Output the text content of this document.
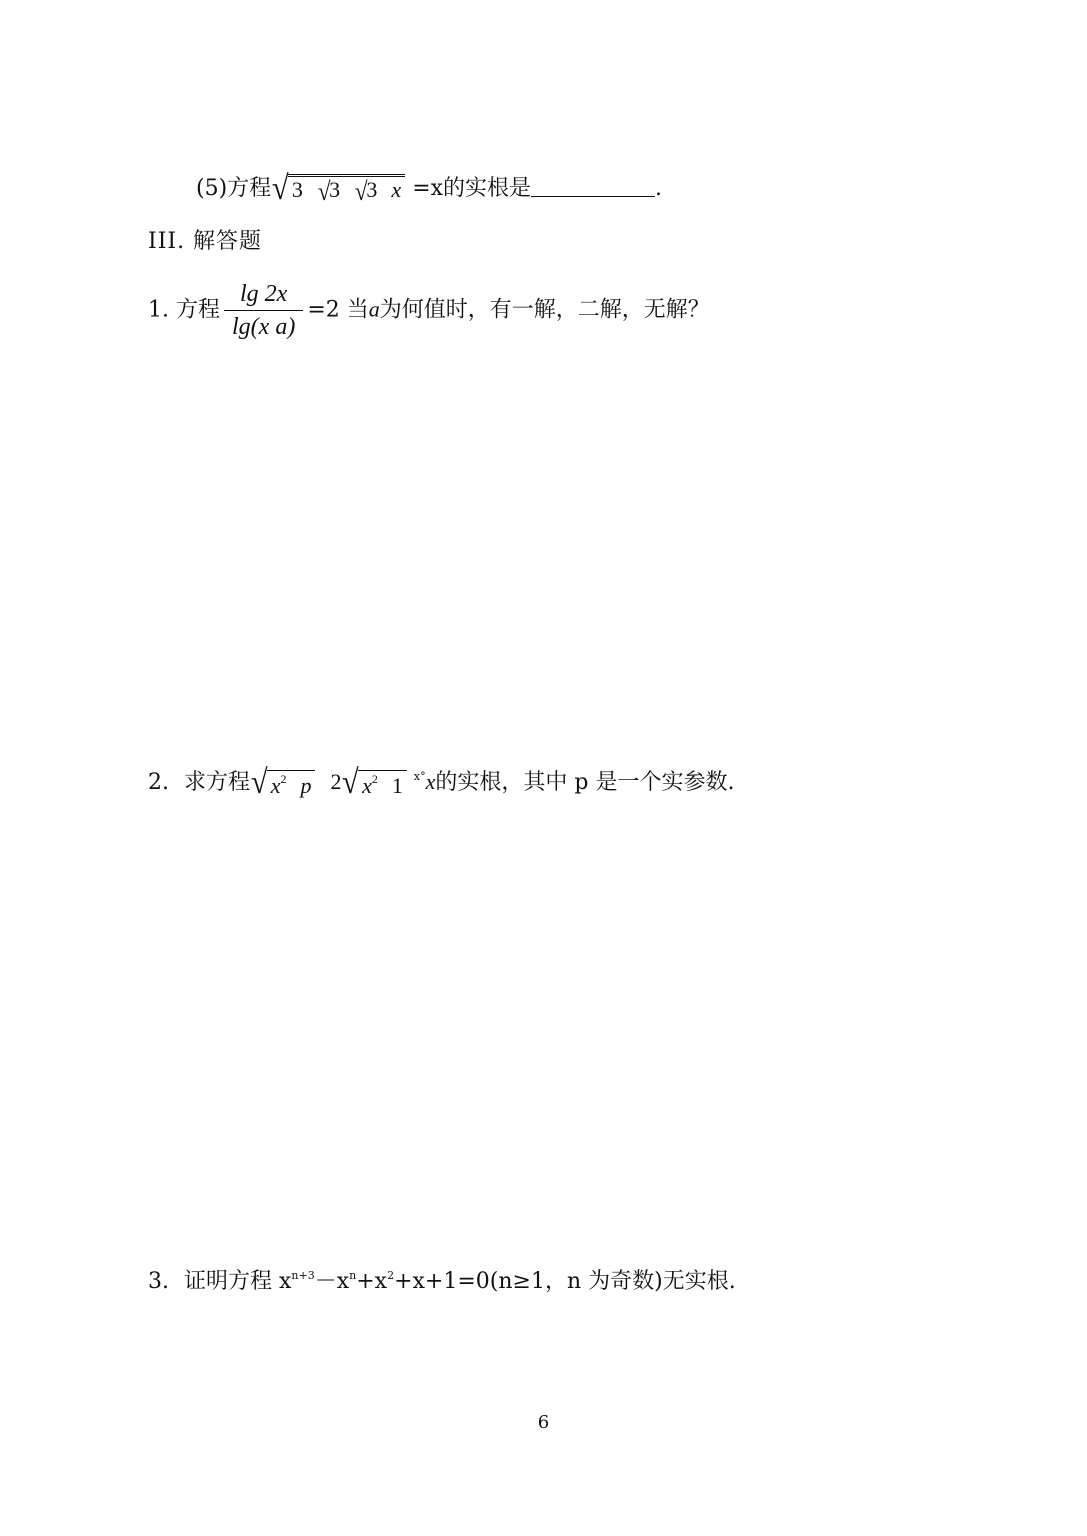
(5)方程√ 3 √3 √3 x =x的实根是	.
III. 解答题
1. 方程 $\frac{\lg 2x}{\text{lg(x a)}} =2$ 当a为何值时，有一解，二解，无解？
2. 求方程√ $x^2$ p 2√ $x^2$ 1 $^{x^\circ}$x的实根，其中 p 是一个实参数.
3. 证明方程 $x^{n+3}-x^n+x^2+x+1=0(n\ge 1$，n 为奇数)无实根.
6
